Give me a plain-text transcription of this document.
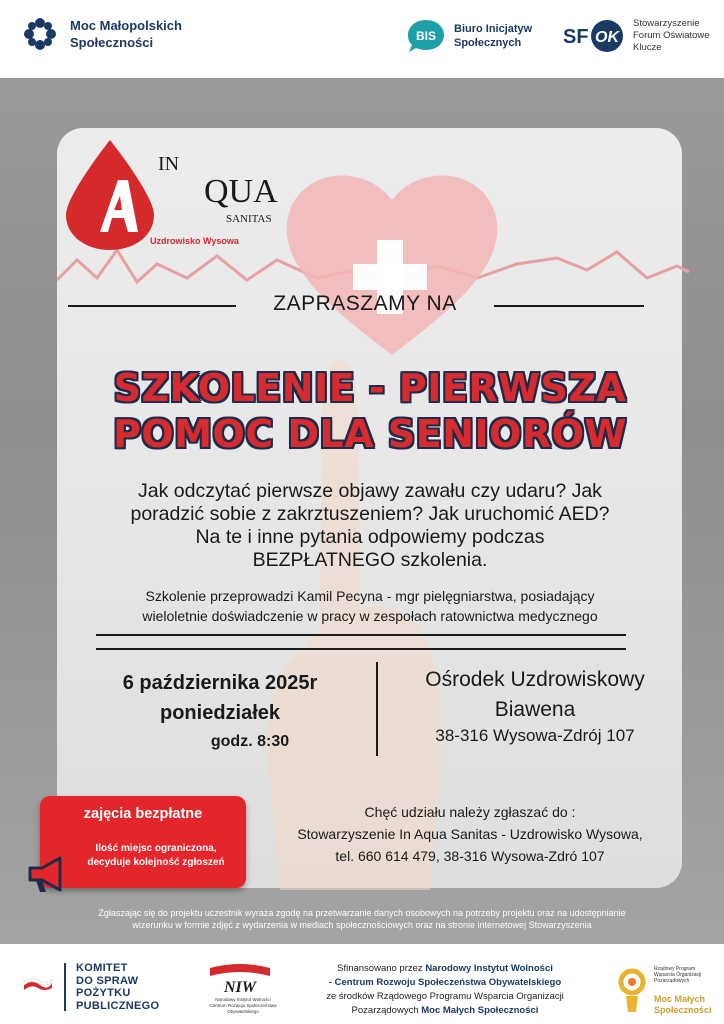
Moc Małopolskich
Społeczności	BIS Biuro Inicjatyw
Społecznych	SF OK
Stowarzyszenie
Forum Oświatowe
Klucze
IN
QUA
SANITAS
Uzdrowisko Wysowa
ZAPRASZAMY NA
SZKOLENIE - PIERWSZA
POMOC DLA SENIORÓW
Jak odczytać pierwsze objawy zawału czy udaru? Jak
poradzić sobie z zakrztuszeniem? Jak uruchomić AED?
Na te i inne pytania odpowiemy podczas
BEZPŁATNEGO szkolenia.
Szkolenie przeprowadzi Kamil Pecyna - mgr pielęgniarstwa, posiadający
wieloletnie doświadczenie w pracy w zespołach ratownictwa medycznego
6 października 2025r
poniedziałek
godz. 8:30
Ośrodek Uzdrowiskowy
Biawena
38-316 Wysowa-Zdrój 107
Chęć udziału należy zgłaszać do :
Stowarzyszenie In Aqua Sanitas - Uzdrowisko Wysowa,
tel. 660 614 479, 38-316 Wysowa-Zdró 107
zajęcia bezpłatne
Ilość miejsc ograniczona,
decyduje kolejność zgłoszeń
Zgłaszając się do projektu uczestnik wyraża zgodę na przetwarzanie danych osobowych na potrzeby projektu oraz na udostępnianie
wizerunku w formie zdjęć z wydarzenia w mediach społecznościowych oraz na stronie internetowej Stowarzyszenia
KOMITET
DO SPRAW
POŻYTKU
PUBLICZNEGO
NIW
Narodowy Instytut Wolności
Centrum Rozwoju Społeczeństwa Obywatelskiego
Sfinansowano przez Narodowy Instytut Wolności
- Centrum Rozwoju Społeczeństwa Obywatelskiego
ze środków Rządowego Programu Wsparcia Organizacji
Pozarządowych Moc Małych Społeczności
Rządowy Program
Wsparcia Organizacji
Pozarządowych
Moc Małych
Społeczności
